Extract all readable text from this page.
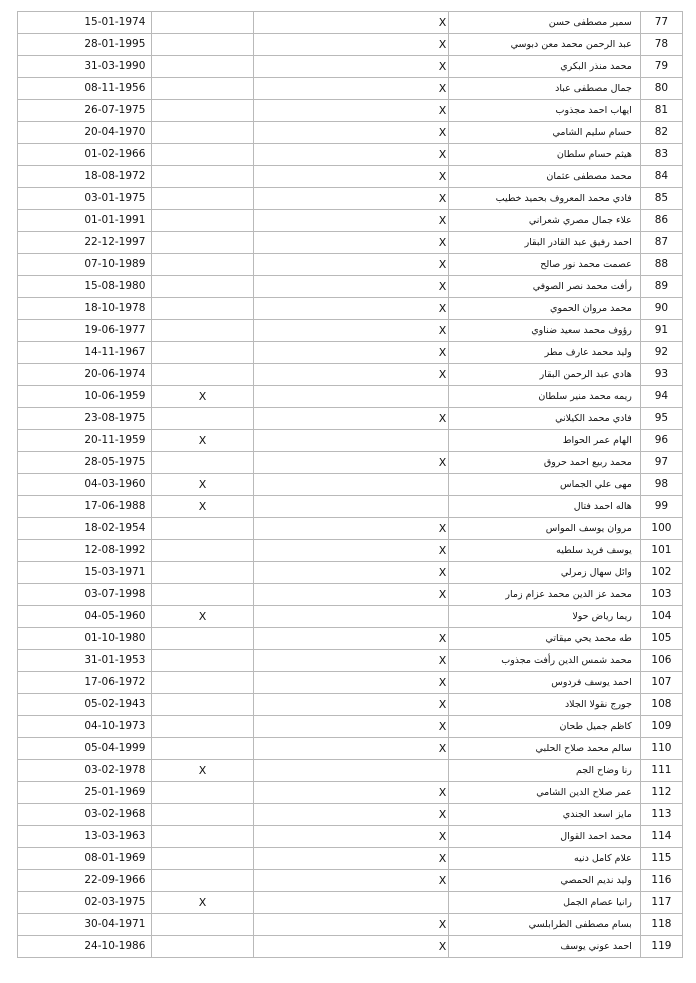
15-01-1974		X	سمير مصطفى حسن	77
28-01-1995		X	عبد الرحمن محمد معن دبوسي	78
31-03-1990		X	محمد منذر البكري	79
08-11-1956		X	جمال مصطفى عباد	80
26-07-1975		X	ايهاب احمد مجذوب	81
20-04-1970		X	حسام سليم الشامي	82
01-02-1966		X	هيثم حسام سلطان	83
18-08-1972		X	محمد مصطفى عثمان	84
03-01-1975		X	فادي محمد المعروف بحميد خطيب	85
01-01-1991		X	علاء جمال مصري شعراني	86
22-12-1997		X	احمد رفيق عبد القادر البقار	87
07-10-1989		X	عصمت محمد نور صالح	88
15-08-1980		X	رأفت محمد نصر الصوفي	89
18-10-1978		X	محمد مروان الحموي	90
19-06-1977		X	رؤوف محمد سعيد ضناوي	91
14-11-1967		X	وليد محمد عارف مطر	92
20-06-1974		X	هادي عبد الرحمن البقار	93
10-06-1959	X		ريمه محمد منير سلطان	94
23-08-1975		X	فادي محمد الكيلاني	95
20-11-1959	X		الهام عمر الحواط	96
28-05-1975		X	محمد ربيع احمد حروق	97
04-03-1960	X		مهى علي الجماس	98
17-06-1988	X		هاله احمد فتال	99
18-02-1954		X	مروان يوسف المواس	100
12-08-1992		X	يوسف فريد سلطيه	101
15-03-1971		X	وائل سهال زمرلي	102
03-07-1998		X	محمد عز الدين محمد عزام زمار	103
04-05-1960	X		ريما رياض حولا	104
01-10-1980		X	طه محمد يحي ميقاتي	105
31-01-1953		X	محمد شمس الدين رأفت مجذوب	106
17-06-1972		X	احمد يوسف فردوس	107
05-02-1943		X	جورج نقولا الجلاد	108
04-10-1973		X	كاظم جميل طحان	109
05-04-1999		X	سالم محمد صلاح الحلبي	110
03-02-1978	X		رنا وضاح الجم	111
25-01-1969		X	عمر صلاح الدين الشامي	112
03-02-1968		X	مايز اسعد الجندي	113
13-03-1963		X	محمد احمد القوال	114
08-01-1969		X	علام كامل دنيه	115
22-09-1966		X	وليد نديم الحمصي	116
02-03-1975	X		رانيا عصام الجمل	117
30-04-1971		X	بسام مصطفى الطرابلسي	118
24-10-1986		X	احمد عوني يوسف	119
